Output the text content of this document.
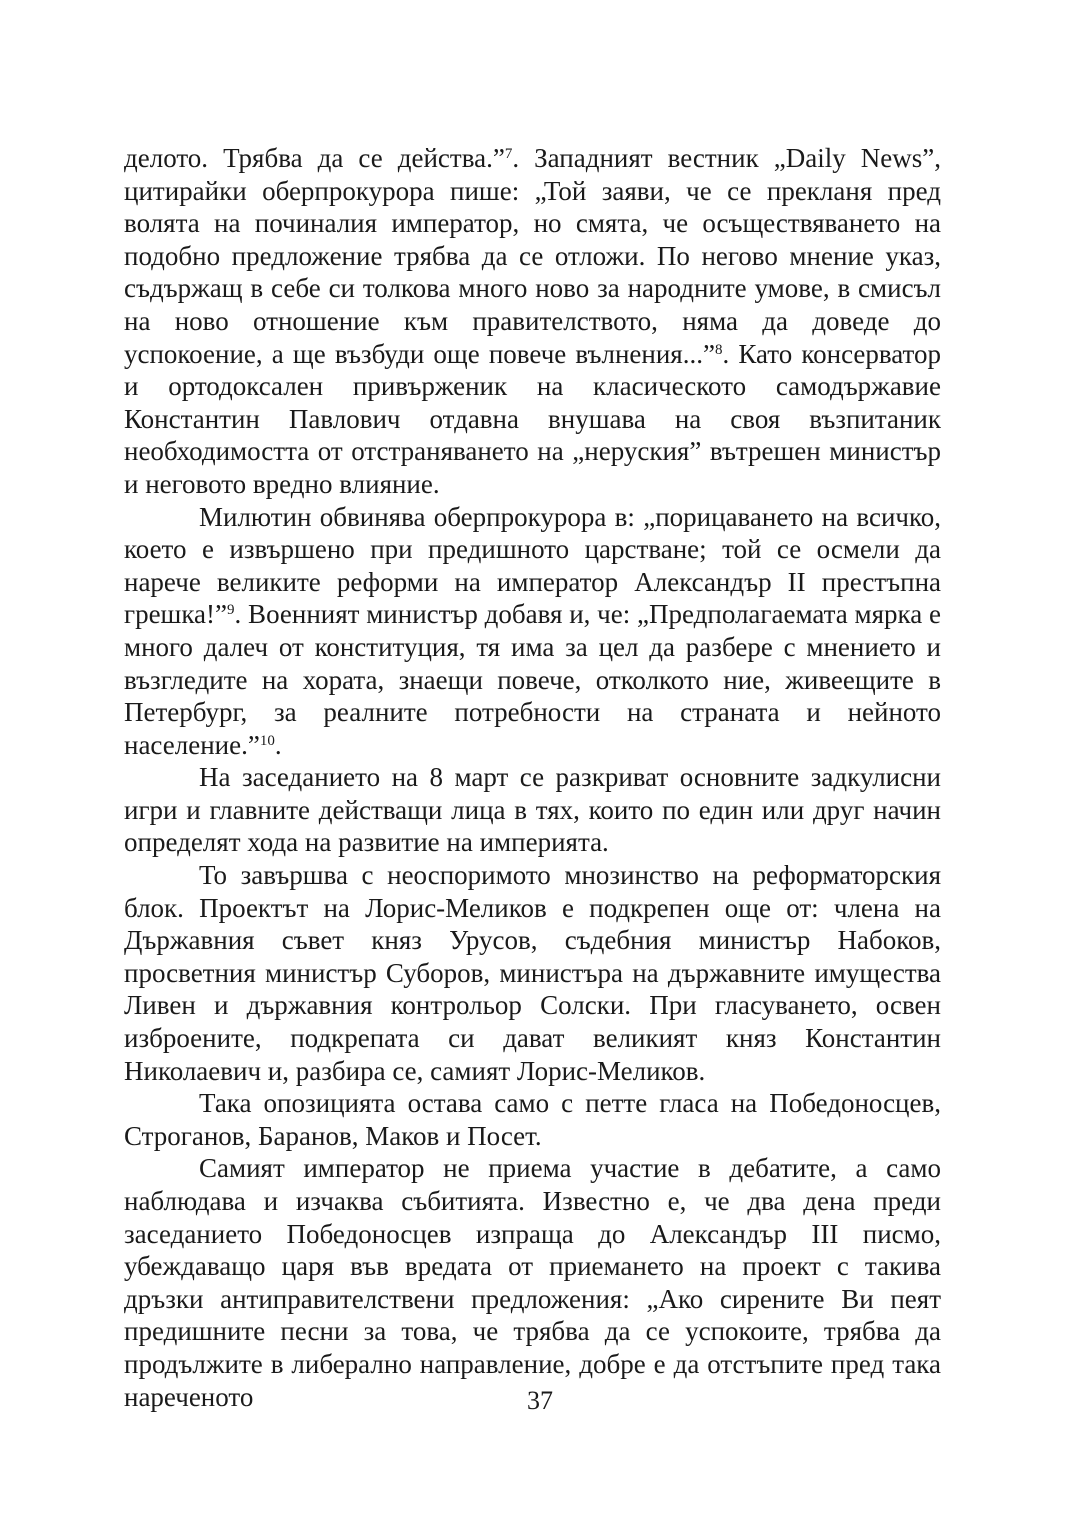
делото. Трябва да се действа.”$^7$. Западният вестник „Daily News”, цитирайки оберпрокурора пише: „Той заяви, че се прекланя пред волята на починалия император, но смята, че осъществяването на подобно предложение трябва да се отложи. По негово мнение указ, съдържащ в себе си толкова много ново за народните умове, в смисъл на ново отношение към правителството, няма да доведе до успокоение, а ще възбуди още повече вълнения...”$^8$. Като консерватор и ортодоксален привърженик на класическото самодържавие Константин Павлович отдавна внушава на своя възпитаник необходимостта от отстраняването на „неруския” вътрешен министър и неговото вредно влияние.

Милютин обвинява оберпрокурора в: „порицаването на всичко, което е извършено при предишното царстване; той се осмели да нарече великите реформи на император Александър II престъпна грешка!”$^9$. Военният министър добавя и, че: „Предполагаемата мярка е много далеч от конституция, тя има за цел да разбере с мнението и възгледите на хората, знаещи повече, отколкото ние, живеещите в Петербург, за реалните потребности на страната и нейното население.”$^{10}$.

На заседанието на 8 март се разкриват основните задкулисни игри и главните действащи лица в тях, които по един или друг начин определят хода на развитие на империята.

То завършва с неоспоримото мнозинство на реформаторския блок. Проектът на Лорис-Меликов е подкрепен още от: члена на Държавния съвет княз Урусов, съдебния министър Набоков, просветния министър Суборов, министъра на държавните имущества Ливен и държавния контрольор Солски. При гласуването, освен изброените, подкрепата си дават великият княз Константин Николаевич и, разбира се, самият Лорис-Меликов.

Така опозицията остава само с петте гласа на Победоносцев, Строганов, Баранов, Маков и Посет.

Самият император не приема участие в дебатите, а само наблюдава и изчаква събитията. Известно е, че два дена преди заседанието Победоносцев изпраща до Александър III писмо, убеждаващо царя във вредата от приемането на проект с такива дръзки антиправителствени предложения: „Ако сирените Ви пеят предишните песни за това, че трябва да се успокоите, трябва да продължите в либерално направление, добре е да отстъпите пред така нареченото	37
